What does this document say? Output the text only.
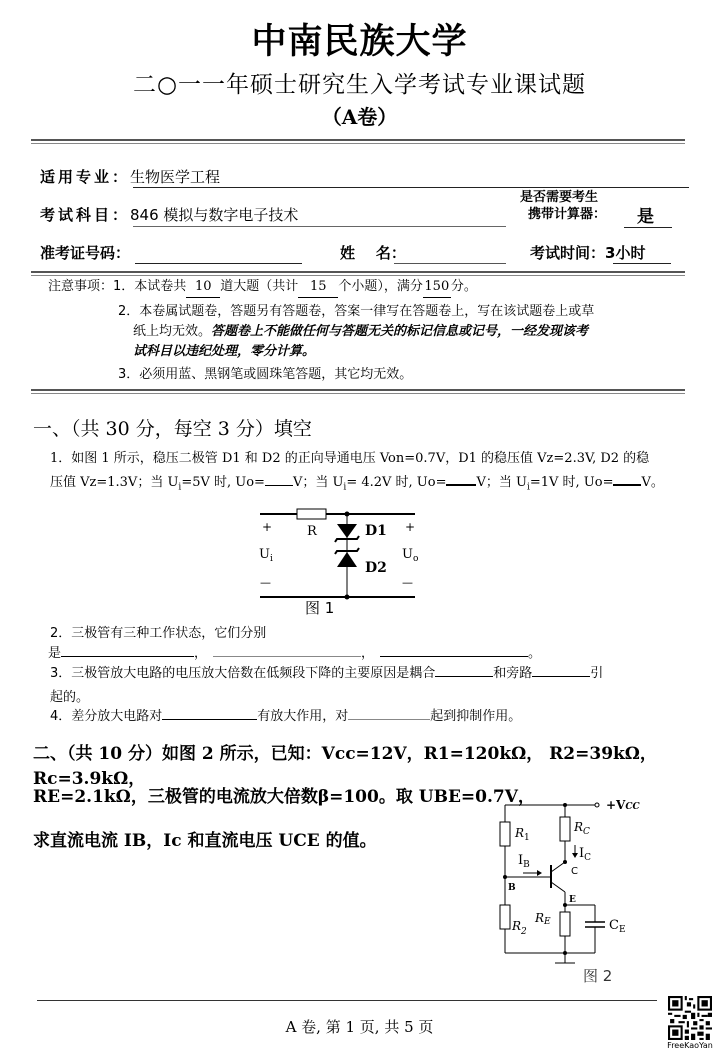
中南民族大学
二○一一年硕士研究生入学考试专业课试题
（A卷）
适用专业：生物医学工程
考试科目：846 模拟与数字电子技术
是否需要考生
携带计算器： 是
准考证号码：	姓    名：	考试时间：3小时
注意事项：1．本试卷共 10 道大题（共计 15 个小题），满分 150 分。
2．本卷属试题卷，答题另有答题卷，答案一律写在答题卷上，写在该试题卷上或草
纸上均无效。答题卷上不能做任何与答题无关的标记信息或记号，一经发现该考
试科目以违纪处理，零分计算。
3．必须用蓝、黑钢笔或圆珠笔答题，其它均无效。
一、（共 30 分，每空 3 分）填空
1．如图 1 所示，稳压二极管 D1 和 D2 的正向导通电压 Von=0.7V，D1 的稳压值 Vz=2.3V, D2 的稳
压值 Vz=1.3V；当 $U_i=5V$ 时, Uo= V；当 $U_i= 4.2V$ 时, Uo= V；当 $U_i=1V$ 时, Uo= V。
+	+
R	D1
D2
$U_i$	$U_o$
—	—
图 1
2．三极管有三种工作状态，它们分别
是	，	，	。
3．三极管放大电路的电压放大倍数在低频段下降的主要原因是耦合	和旁路	引
起的。
4．差分放大电路对	有放大作用，对	起到抑制作用。
二、（共 10 分）如图 2 所示，已知：Vcc=12V，R1=120kΩ， R2=39kΩ，Rc=3.9kΩ，
RE=2.1kΩ，三极管的电流放大倍数β=100。取 UBE=0.7V，
求直流电流 IB，Ic 和直流电压 UCE 的值。
+VCC
$R_1$
$R_C$
$I_B$
$I_C$
C
B
E
RE
$R_2$	$C_E$
图 2
A 卷, 第 1 页, 共 5 页
FreeKaoYan
